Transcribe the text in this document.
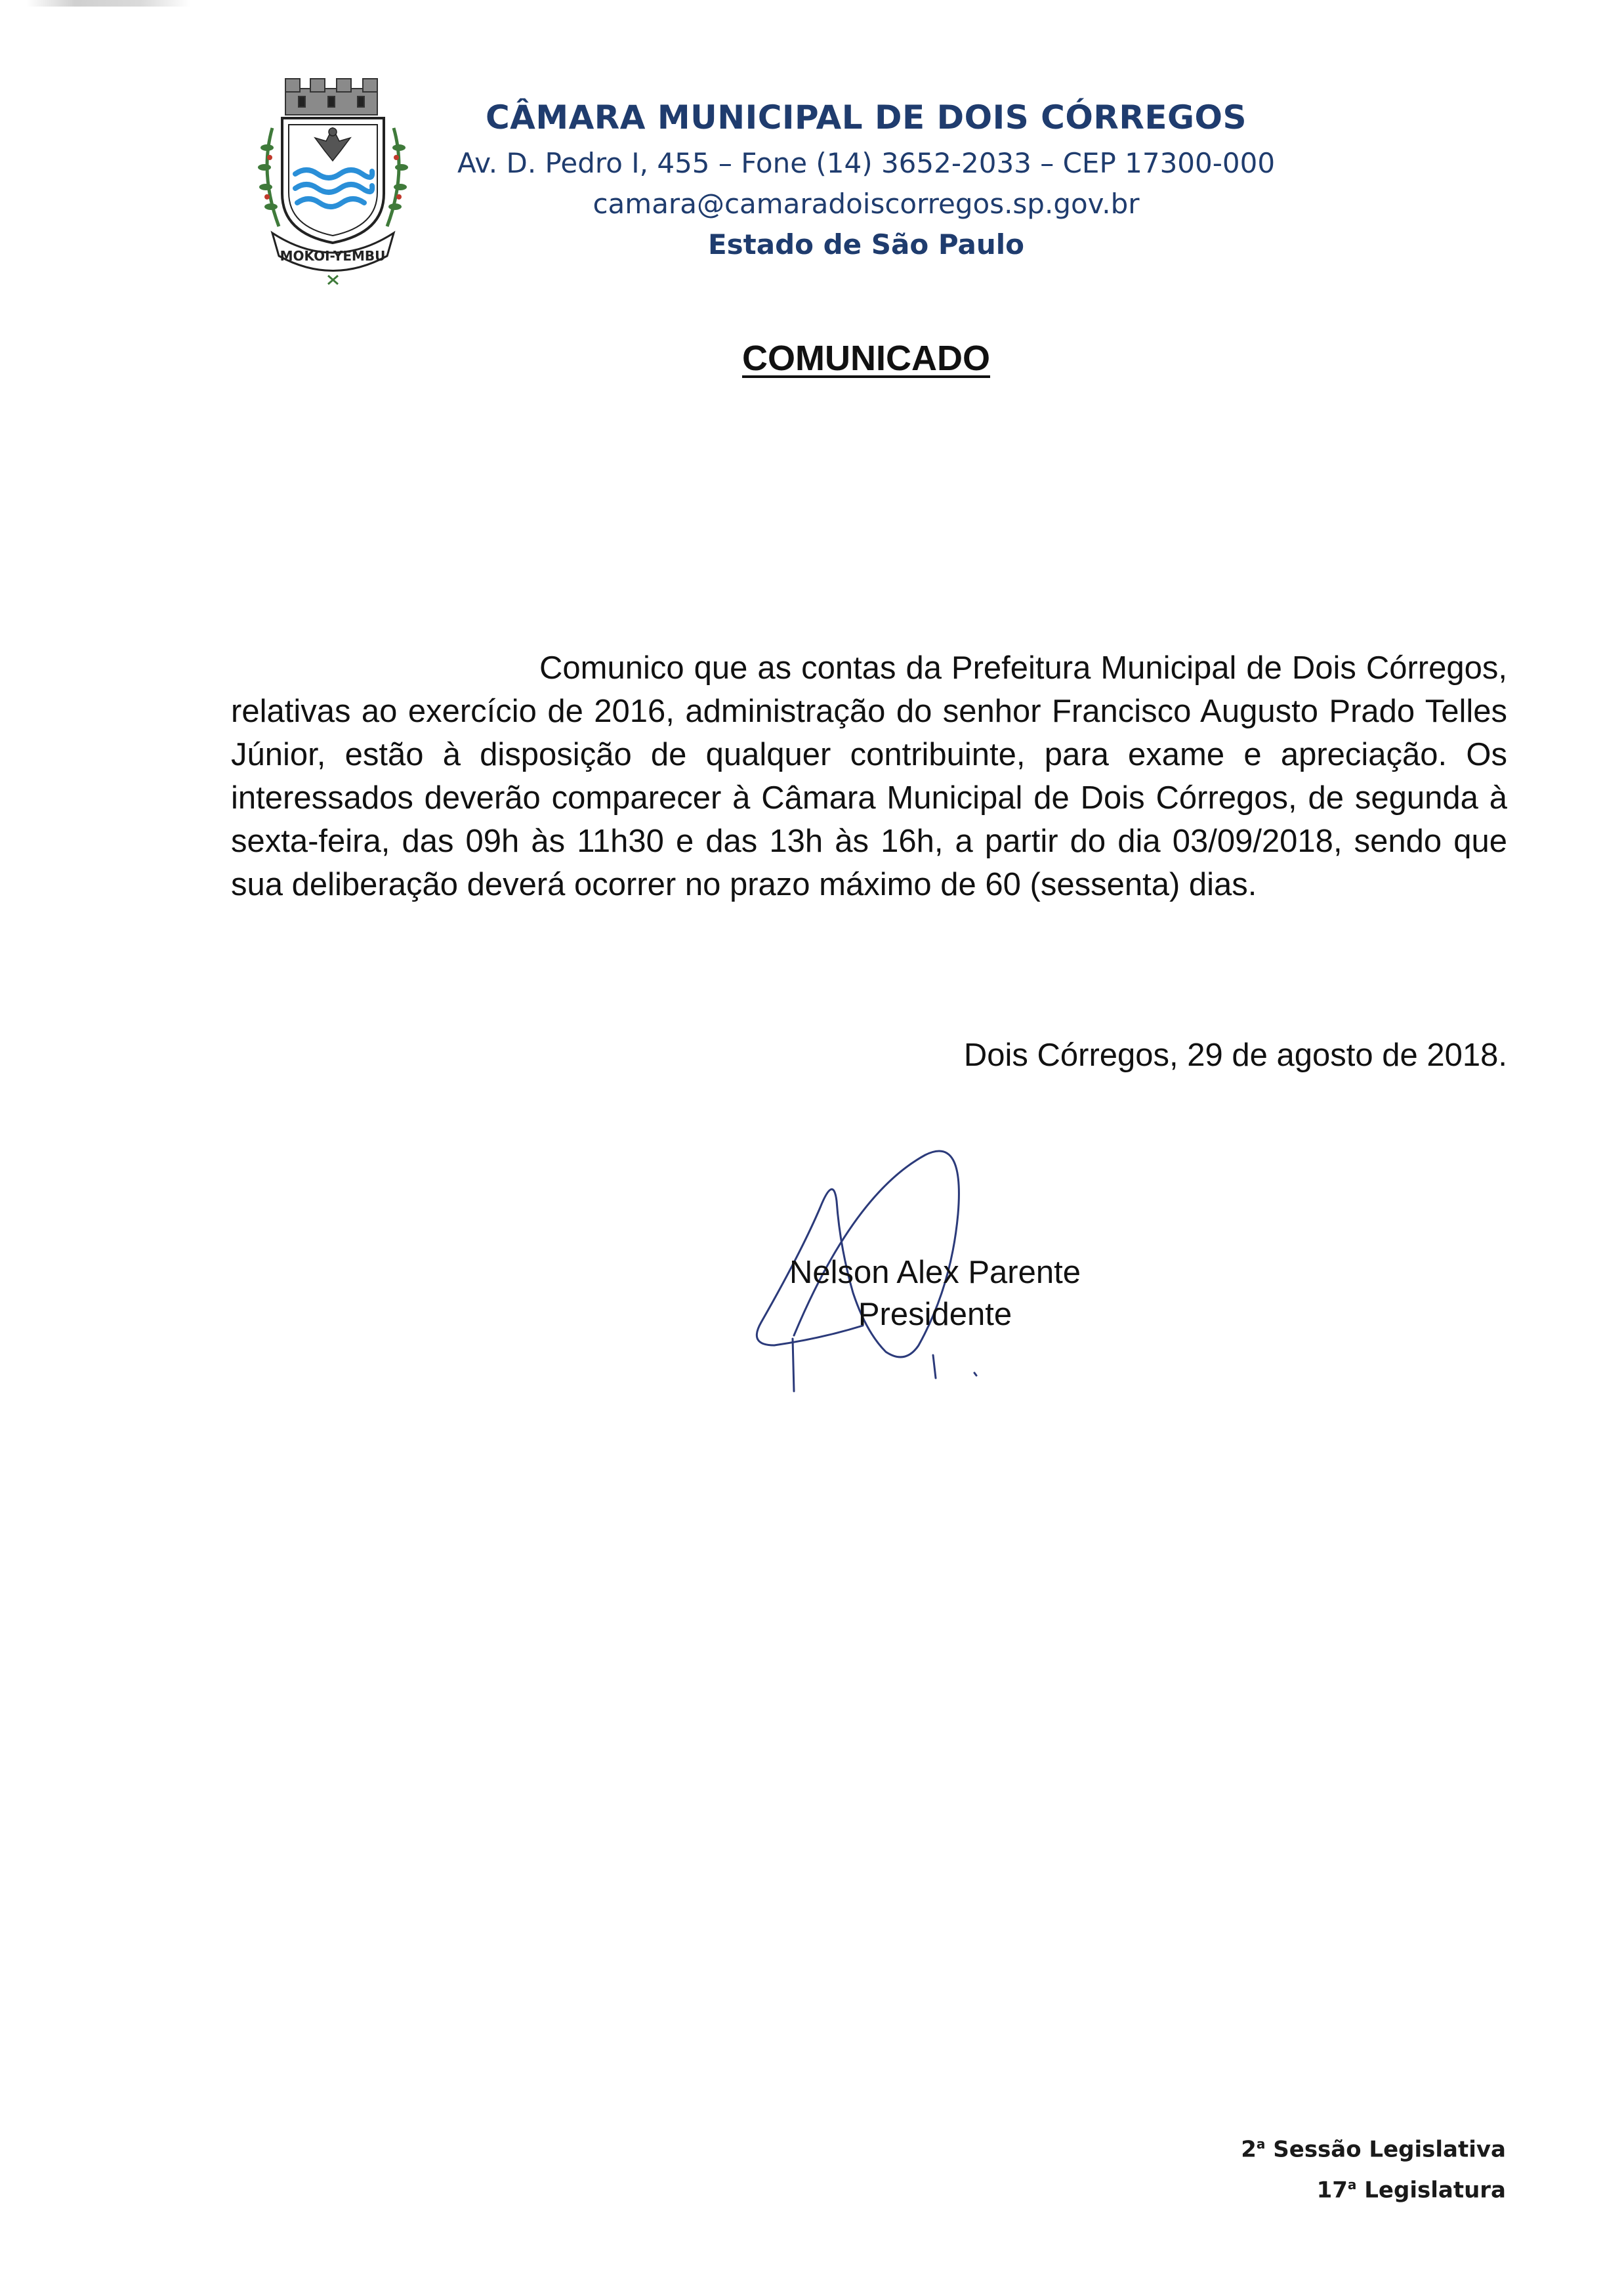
MOKOI-YEMBU
CÂMARA MUNICIPAL DE DOIS CÓRREGOS
Av. D. Pedro I, 455 – Fone (14) 3652-2033 – CEP 17300-000
camara@camaradoiscorregos.sp.gov.br
Estado de São Paulo
COMUNICADO

Comunico que as contas da Prefeitura Municipal de Dois Córregos, relativas ao exercício de 2016, administração do senhor Francisco Augusto Prado Telles Júnior, estão à disposição de qualquer contribuinte, para exame e apreciação. Os interessados deverão comparecer à Câmara Municipal de Dois Córregos, de segunda à sexta-feira, das 09h às 11h30 e das 13h às 16h, a partir do dia 03/09/2018, sendo que sua deliberação deverá ocorrer no prazo máximo de 60 (sessenta) dias.

Dois Córregos, 29 de agosto de 2018.
Nelson Alex Parente
Presidente
2$^a$ Sessão Legislativa
17$^a$ Legislatura
